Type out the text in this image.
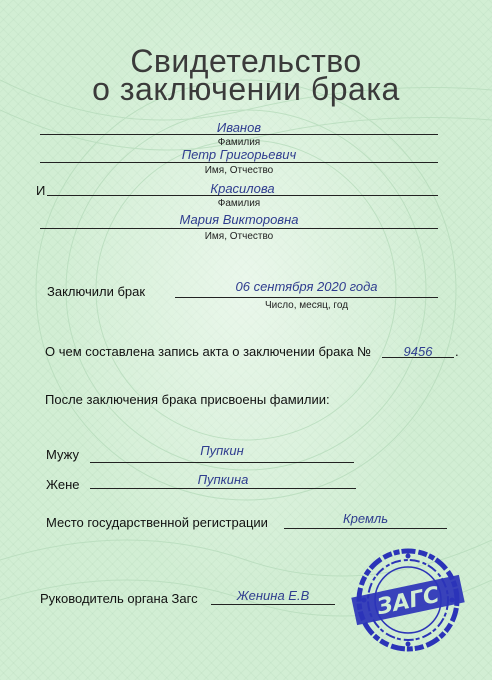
Свидетельство
о заключении брака
Иванов
Фамилия
Петр Григорьевич
Имя, Отчество
И	Красилова
Фамилия
Мария Викторовна
Имя, Отчество
Заключили брак	06 сентября 2020 года
Число, месяц, год
О чем составлена запись акта о заключении брака №	9456	.
После заключения брака присвоены фамилии:
Мужу	Пупкин
Жене	Пупкина
Место государственной регистрации	Кремль
Руководитель органа Загс	Женина Е.В	ЗАГС
